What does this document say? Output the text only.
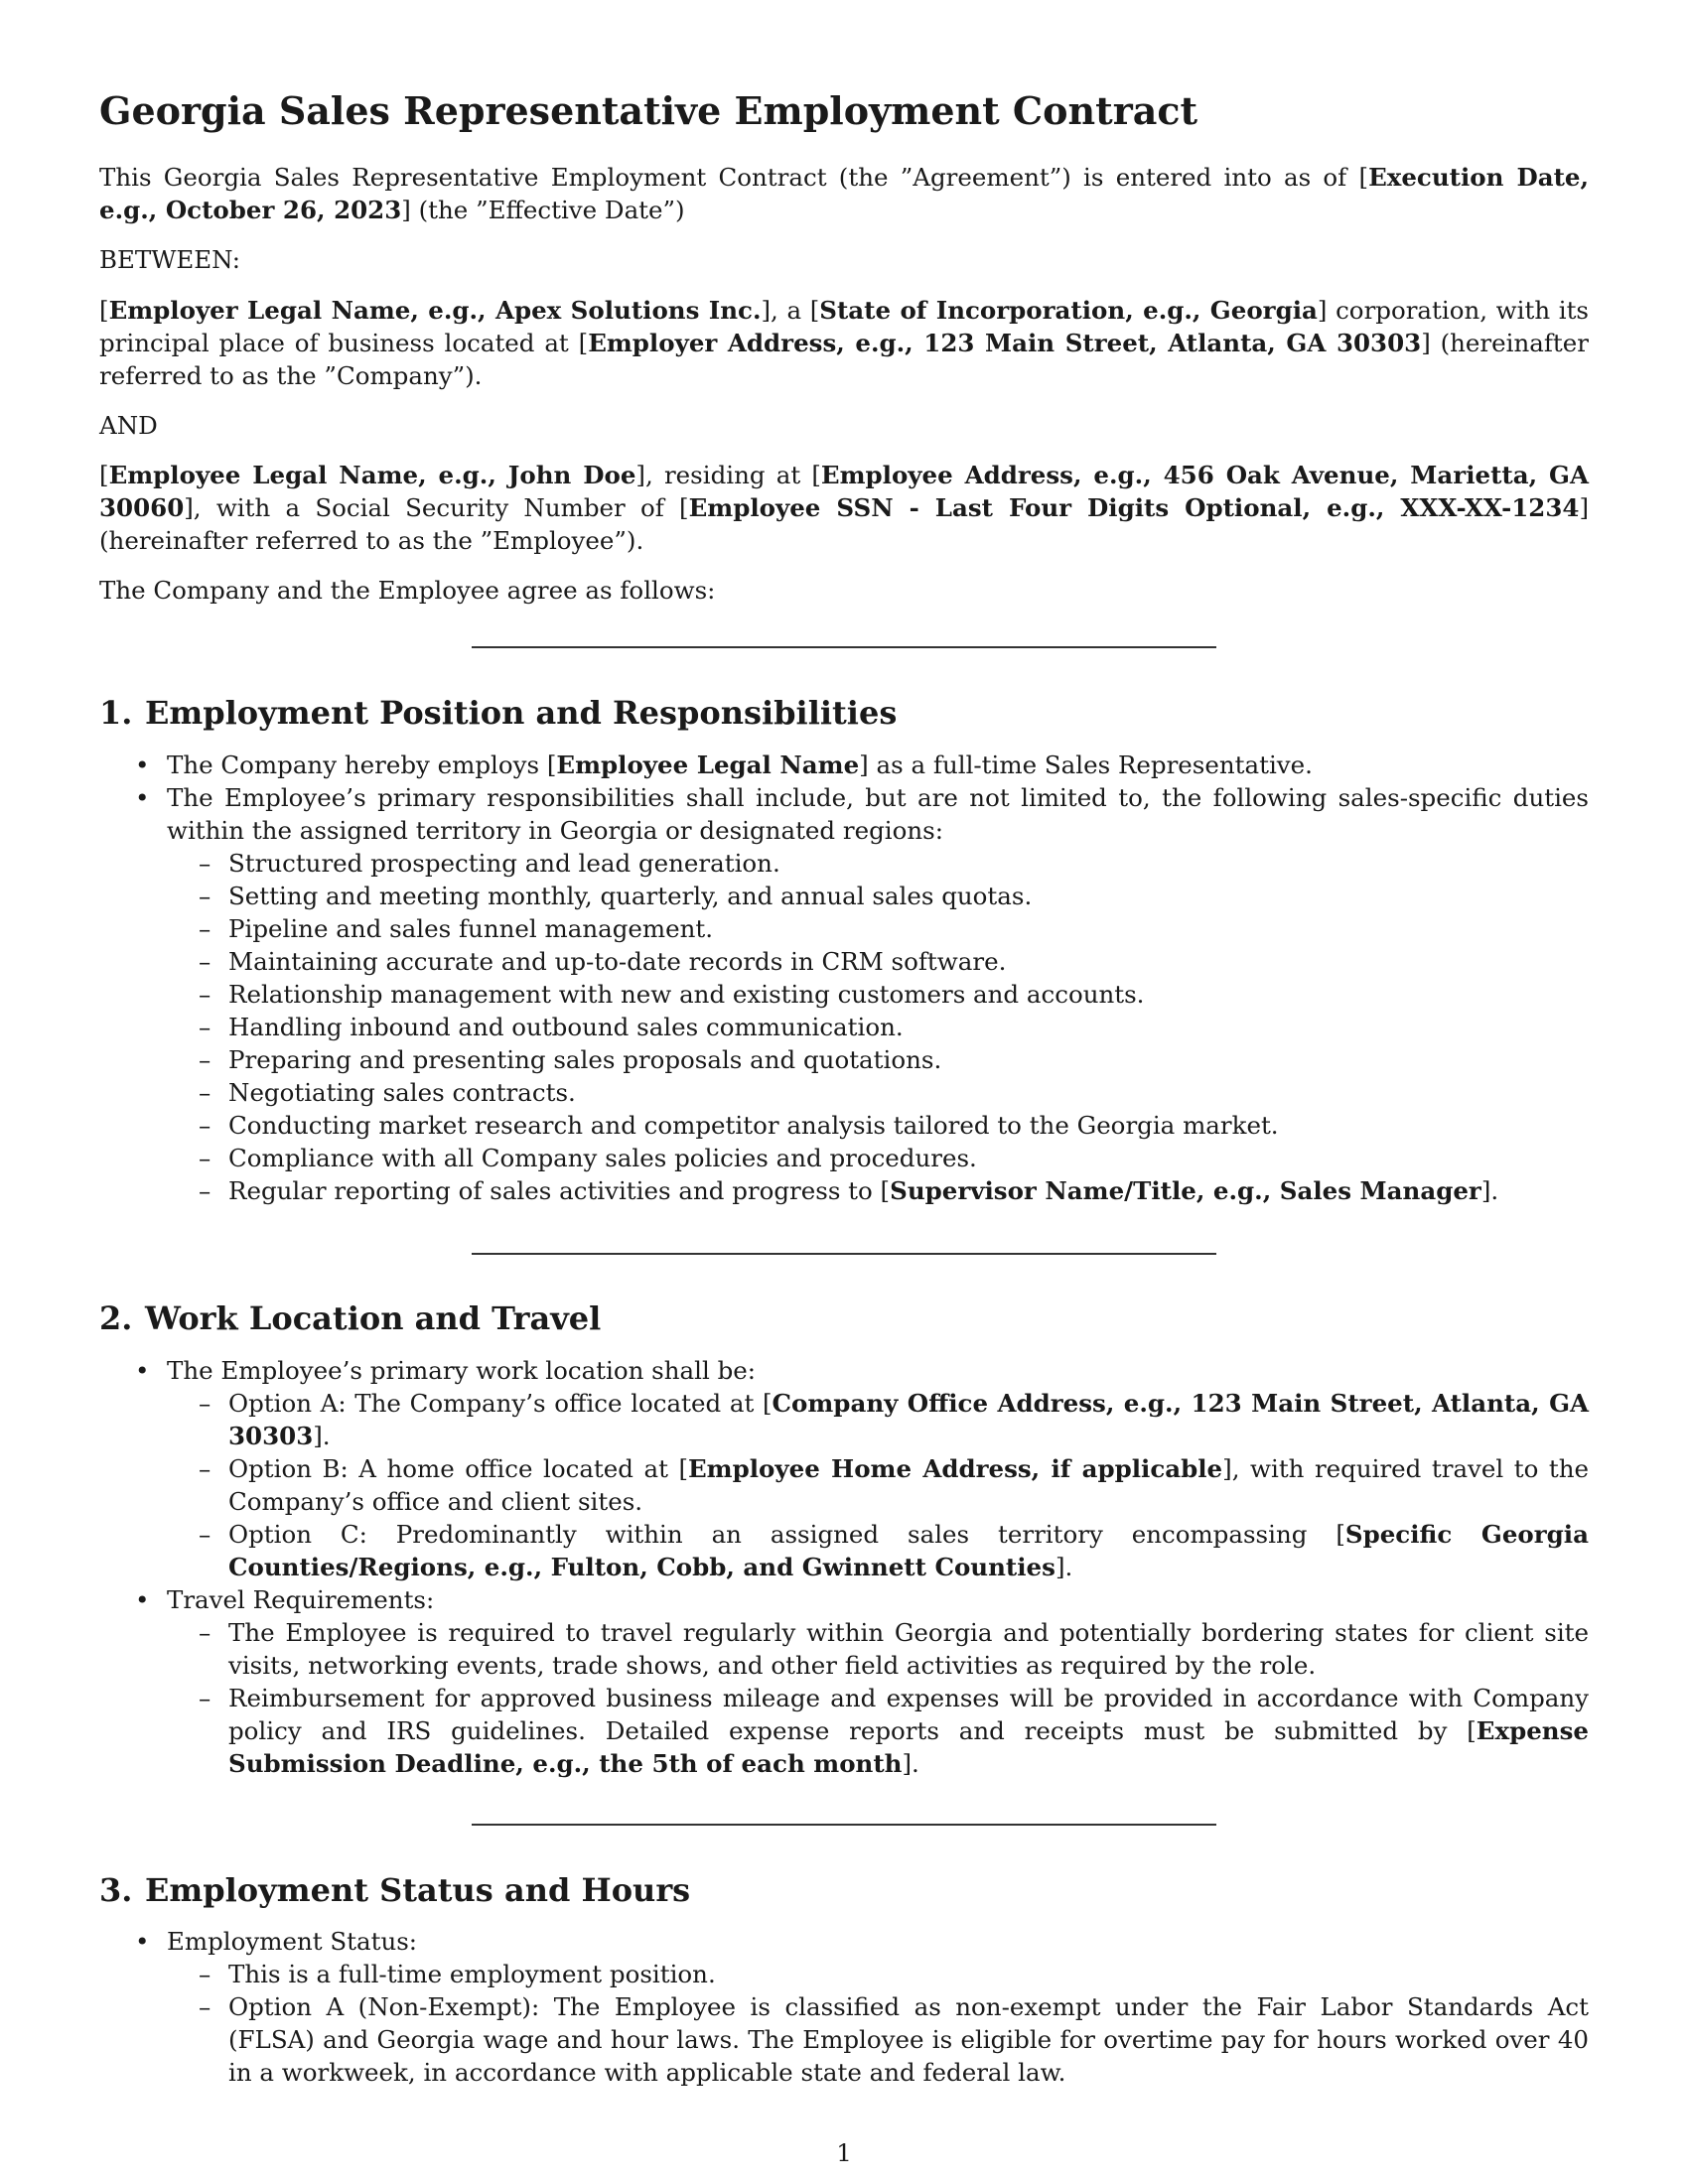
Georgia Sales Representative Employment Contract

This Georgia Sales Representative Employment Contract (the ”Agreement”) is entered into as of [Execution Date, e.g., October 26, 2023] (the ”Effective Date”)

BETWEEN:

[Employer Legal Name, e.g., Apex Solutions Inc.], a [State of Incorporation, e.g., Georgia] corporation, with its principal place of business located at [Employer Address, e.g., 123 Main Street, Atlanta, GA 30303] (hereinafter referred to as the ”Company”).

AND

[Employee Legal Name, e.g., John Doe], residing at [Employee Address, e.g., 456 Oak Avenue, Marietta, GA 30060], with a Social Security Number of [Employee SSN - Last Four Digits Optional, e.g., XXX-XX-1234] (hereinafter referred to as the ”Employee”).

The Company and the Employee agree as follows:

1. Employment Position and Responsibilities

• The Company hereby employs [Employee Legal Name] as a full-time Sales Representative.

• The Employee’s primary responsibilities shall include, but are not limited to, the following sales-specific duties within the assigned territory in Georgia or designated regions:

– Structured prospecting and lead generation.

– Setting and meeting monthly, quarterly, and annual sales quotas.

– Pipeline and sales funnel management.

– Maintaining accurate and up-to-date records in CRM software.

– Relationship management with new and existing customers and accounts.

– Handling inbound and outbound sales communication.

– Preparing and presenting sales proposals and quotations.

– Negotiating sales contracts.

– Conducting market research and competitor analysis tailored to the Georgia market.

– Compliance with all Company sales policies and procedures.

– Regular reporting of sales activities and progress to [Supervisor Name/Title, e.g., Sales Manager].

2. Work Location and Travel

• The Employee’s primary work location shall be:

– Option A: The Company’s office located at [Company Office Address, e.g., 123 Main Street, Atlanta, GA 30303].

– Option B: A home office located at [Employee Home Address, if applicable], with required travel to the Company’s office and client sites.

– Option C: Predominantly within an assigned sales territory encompassing [Specific Georgia Counties/Regions, e.g., Fulton, Cobb, and Gwinnett Counties].

• Travel Requirements:

– The Employee is required to travel regularly within Georgia and potentially bordering states for client site visits, networking events, trade shows, and other field activities as required by the role.

– Reimbursement for approved business mileage and expenses will be provided in accordance with Company policy and IRS guidelines. Detailed expense reports and receipts must be submitted by [Expense Submission Deadline, e.g., the 5th of each month].

3. Employment Status and Hours

• Employment Status:

– This is a full-time employment position.

– Option A (Non-Exempt): The Employee is classified as non-exempt under the Fair Labor Standards Act (FLSA) and Georgia wage and hour laws. The Employee is eligible for overtime pay for hours worked over 40 in a workweek, in accordance with applicable state and federal law.

1
